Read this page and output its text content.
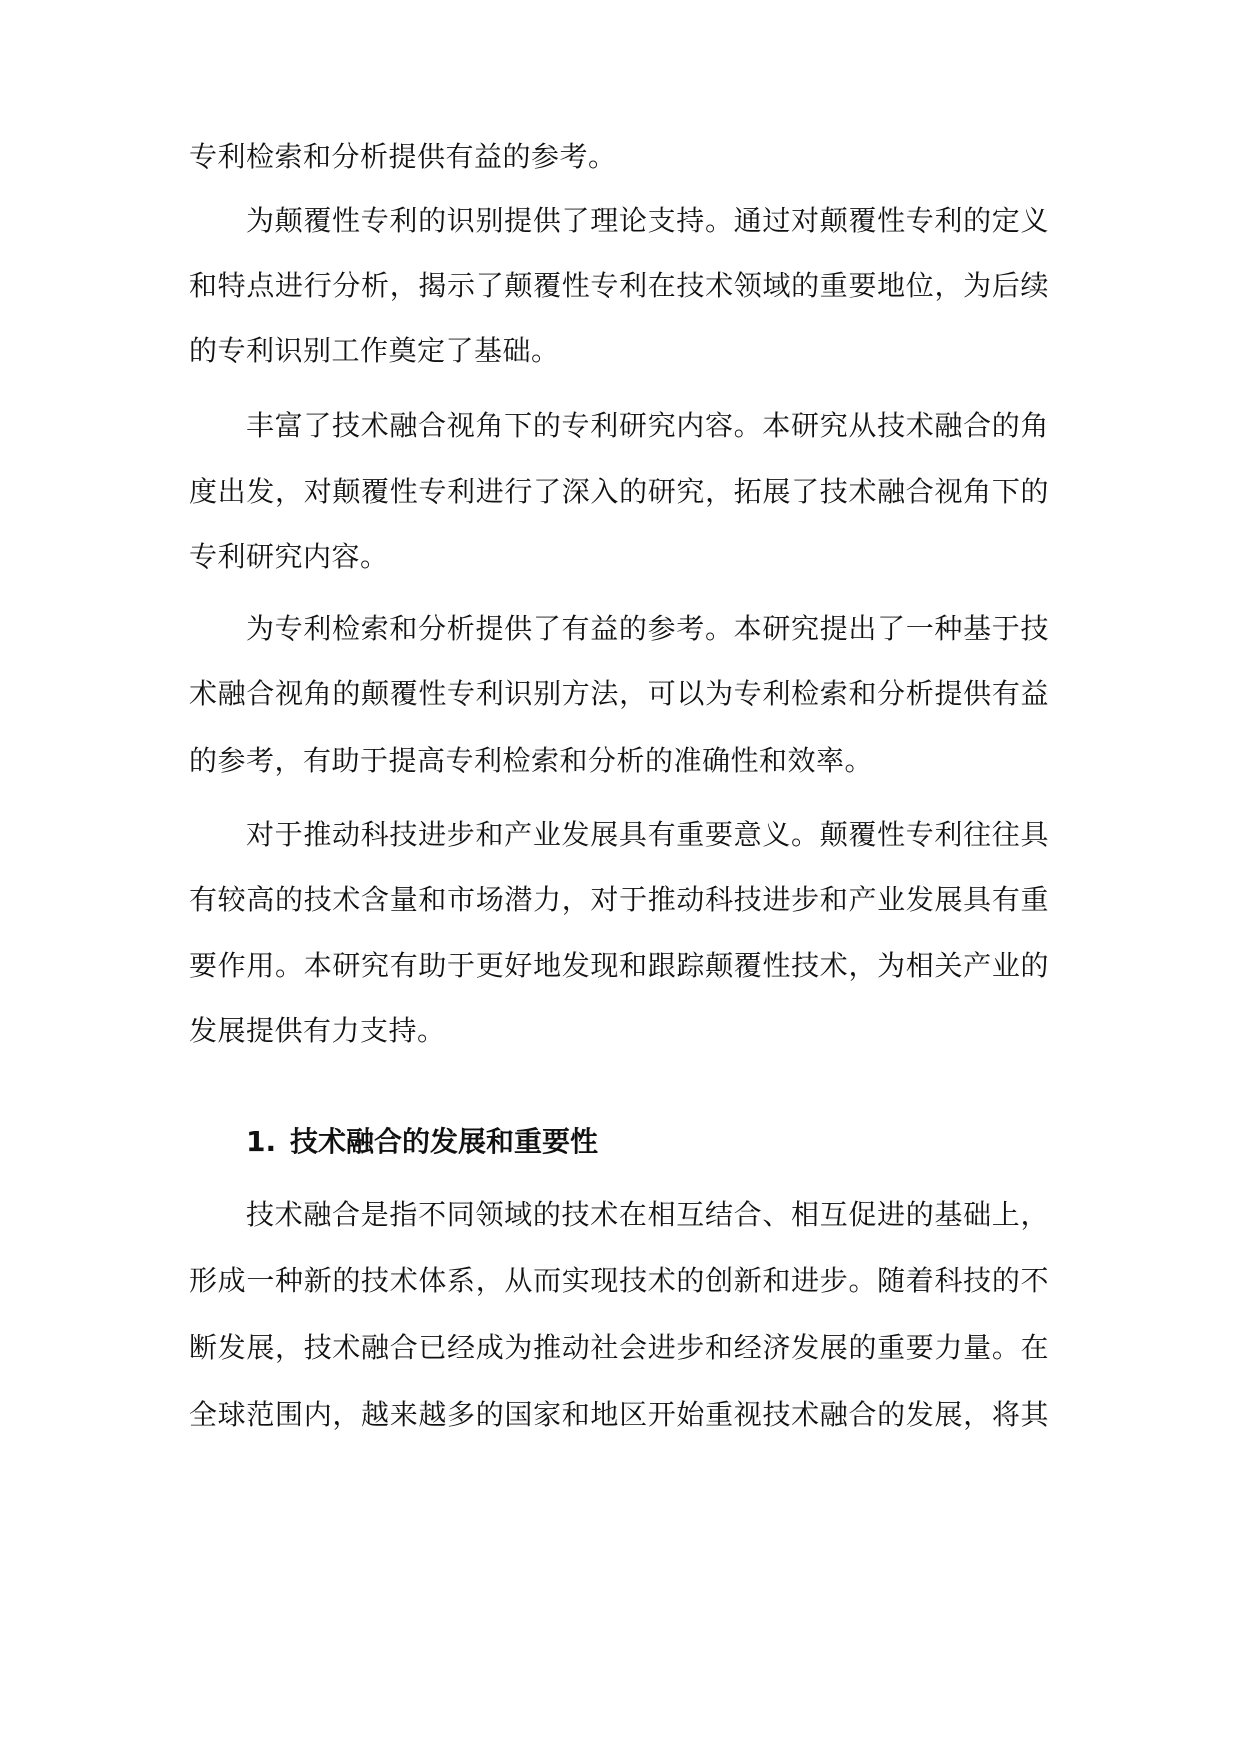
专利检索和分析提供有益的参考。
为颠覆性专利的识别提供了理论支持。通过对颠覆性专利的定义
和特点进行分析，揭示了颠覆性专利在技术领域的重要地位，为后续
的专利识别工作奠定了基础。
丰富了技术融合视角下的专利研究内容。本研究从技术融合的角
度出发，对颠覆性专利进行了深入的研究，拓展了技术融合视角下的
专利研究内容。
为专利检索和分析提供了有益的参考。本研究提出了一种基于技
术融合视角的颠覆性专利识别方法，可以为专利检索和分析提供有益
的参考，有助于提高专利检索和分析的准确性和效率。
对于推动科技进步和产业发展具有重要意义。颠覆性专利往往具
有较高的技术含量和市场潜力，对于推动科技进步和产业发展具有重
要作用。本研究有助于更好地发现和跟踪颠覆性技术，为相关产业的
发展提供有力支持。
1. 技术融合的发展和重要性
技术融合是指不同领域的技术在相互结合、相互促进的基础上，
形成一种新的技术体系，从而实现技术的创新和进步。随着科技的不
断发展，技术融合已经成为推动社会进步和经济发展的重要力量。在
全球范围内，越来越多的国家和地区开始重视技术融合的发展，将其
